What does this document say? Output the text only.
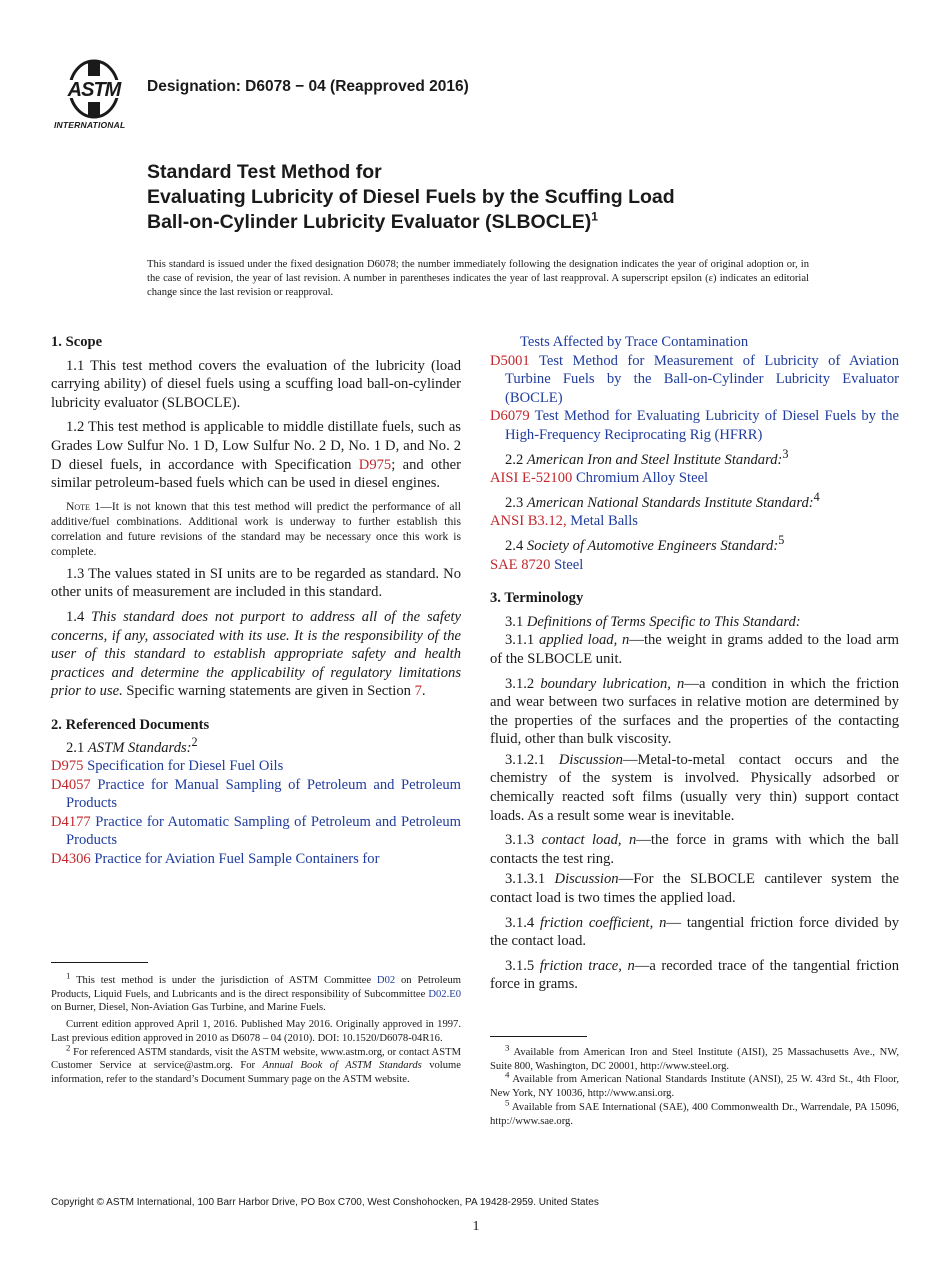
ASTM
INTERNATIONAL
Designation: D6078 − 04 (Reapproved 2016)
Standard Test Method for
Evaluating Lubricity of Diesel Fuels by the Scuffing Load
Ball-on-Cylinder Lubricity Evaluator (SLBOCLE)$^1$
This standard is issued under the fixed designation D6078; the number immediately following the designation indicates the year of original adoption or, in the case of revision, the year of last revision. A number in parentheses indicates the year of last reapproval. A superscript epsilon (ε) indicates an editorial change since the last revision or reapproval.

1. Scope

1.1 This test method covers the evaluation of the lubricity (load carrying ability) of diesel fuels using a scuffing load ball-on-cylinder lubricity evaluator (SLBOCLE).

1.2 This test method is applicable to middle distillate fuels, such as Grades Low Sulfur No. 1 D, Low Sulfur No. 2 D, No. 1 D, and No. 2 D diesel fuels, in accordance with Specification D975; and other similar petroleum-based fuels which can be used in diesel engines.

Note 1—It is not known that this test method will predict the performance of all additive/fuel combinations. Additional work is underway to further establish this correlation and future revisions of the standard may be necessary once this work is complete.

1.3 The values stated in SI units are to be regarded as standard. No other units of measurement are included in this standard.

1.4 This standard does not purport to address all of the safety concerns, if any, associated with its use. It is the responsibility of the user of this standard to establish appropriate safety and health practices and determine the applicability of regulatory limitations prior to use. Specific warning statements are given in Section 7.

2. Referenced Documents

2.1 ASTM Standards:$^2$

D975 Specification for Diesel Fuel Oils

D4057 Practice for Manual Sampling of Petroleum and Petroleum Products

D4177 Practice for Automatic Sampling of Petroleum and Petroleum Products

D4306 Practice for Aviation Fuel Sample Containers for

$^1$ This test method is under the jurisdiction of ASTM Committee D02 on Petroleum Products, Liquid Fuels, and Lubricants and is the direct responsibility of Subcommittee D02.E0 on Burner, Diesel, Non-Aviation Gas Turbine, and Marine Fuels.

Current edition approved April 1, 2016. Published May 2016. Originally approved in 1997. Last previous edition approved in 2010 as D6078 – 04 (2010). DOI: 10.1520/D6078-04R16.

$^2$ For referenced ASTM standards, visit the ASTM website, www.astm.org, or contact ASTM Customer Service at service@astm.org. For Annual Book of ASTM Standards volume information, refer to the standard’s Document Summary page on the ASTM website.

Tests Affected by Trace Contamination

D5001 Test Method for Measurement of Lubricity of Aviation Turbine Fuels by the Ball-on-Cylinder Lubricity Evaluator (BOCLE)

D6079 Test Method for Evaluating Lubricity of Diesel Fuels by the High-Frequency Reciprocating Rig (HFRR)

2.2 American Iron and Steel Institute Standard:$^3$

AISI E-52100 Chromium Alloy Steel

2.3 American National Standards Institute Standard:$^4$

ANSI B3.12, Metal Balls

2.4 Society of Automotive Engineers Standard:$^5$

SAE 8720 Steel

3. Terminology

3.1 Definitions of Terms Specific to This Standard:

3.1.1 applied load, n—the weight in grams added to the load arm of the SLBOCLE unit.

3.1.2 boundary lubrication, n—a condition in which the friction and wear between two surfaces in relative motion are determined by the properties of the surfaces and the properties of the contacting fluid, other than bulk viscosity.

3.1.2.1 Discussion—Metal-to-metal contact occurs and the chemistry of the system is involved. Physically adsorbed or chemically reacted soft films (usually very thin) support contact loads. As a result some wear is inevitable.

3.1.3 contact load, n—the force in grams with which the ball contacts the test ring.

3.1.3.1 Discussion—For the SLBOCLE cantilever system the contact load is two times the applied load.

3.1.4 friction coefficient, n— tangential friction force divided by the contact load.

3.1.5 friction trace, n—a recorded trace of the tangential friction force in grams.

$^3$ Available from American Iron and Steel Institute (AISI), 25 Massachusetts Ave., NW, Suite 800, Washington, DC 20001, http://www.steel.org.

$^4$ Available from American National Standards Institute (ANSI), 25 W. 43rd St., 4th Floor, New York, NY 10036, http://www.ansi.org.

$^5$ Available from SAE International (SAE), 400 Commonwealth Dr., Warrendale, PA 15096, http://www.sae.org.

Copyright © ASTM International, 100 Barr Harbor Drive, PO Box C700, West Conshohocken, PA 19428-2959. United States
1
